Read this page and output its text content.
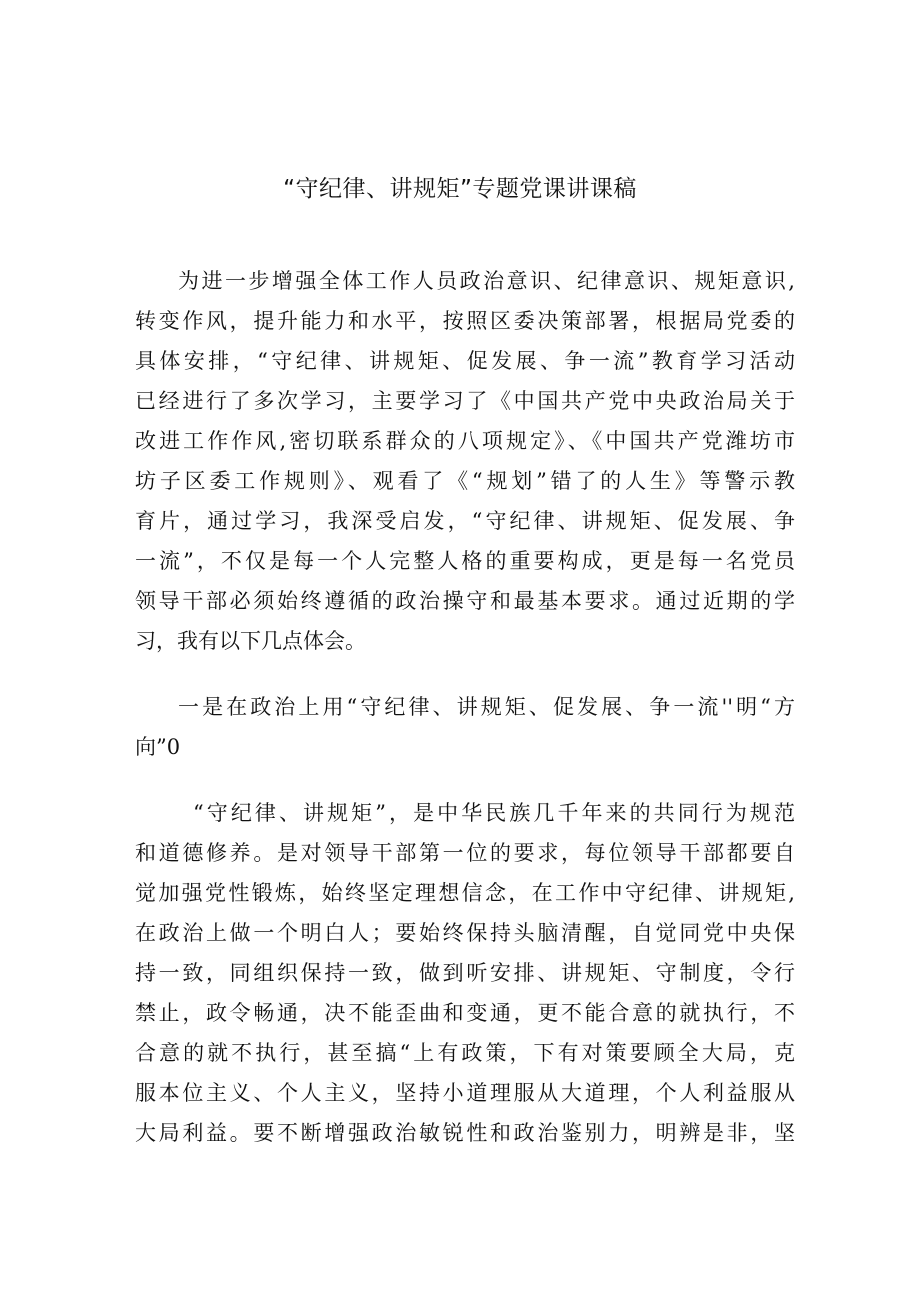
“守纪律、讲规矩”专题党课讲课稿

为进一步增强全体工作人员政治意识、纪律意识、规矩意识,
转变作风，提升能力和水平，按照区委决策部署，根据局党委的
具体安排，“守纪律、讲规矩、促发展、争一流”教育学习活动
已经进行了多次学习，主要学习了《中国共产党中央政治局关于
改进工作作风,密切联系群众的八项规定》、《中国共产党潍坊市
坊子区委工作规则》、观看了《“规划”错了的人生》等警示教
育片，通过学习，我深受启发，“守纪律、讲规矩、促发展、争
一流”，不仅是每一个人完整人格的重要构成，更是每一名党员
领导干部必须始终遵循的政治操守和最基本要求。通过近期的学
习，我有以下几点体会。

一是在政治上用“守纪律、讲规矩、促发展、争一流''明“方
向”0

“守纪律、讲规矩”，是中华民族几千年来的共同行为规范
和道德修养。是对领导干部第一位的要求，每位领导干部都要自
觉加强党性锻炼，始终坚定理想信念，在工作中守纪律、讲规矩,
在政治上做一个明白人；要始终保持头脑清醒，自觉同党中央保
持一致，同组织保持一致，做到听安排、讲规矩、守制度，令行
禁止，政令畅通，决不能歪曲和变通，更不能合意的就执行，不
合意的就不执行，甚至搞“上有政策，下有对策要顾全大局，克
服本位主义、个人主义，坚持小道理服从大道理，个人利益服从
大局利益。要不断增强政治敏锐性和政治鉴别力，明辨是非，坚
